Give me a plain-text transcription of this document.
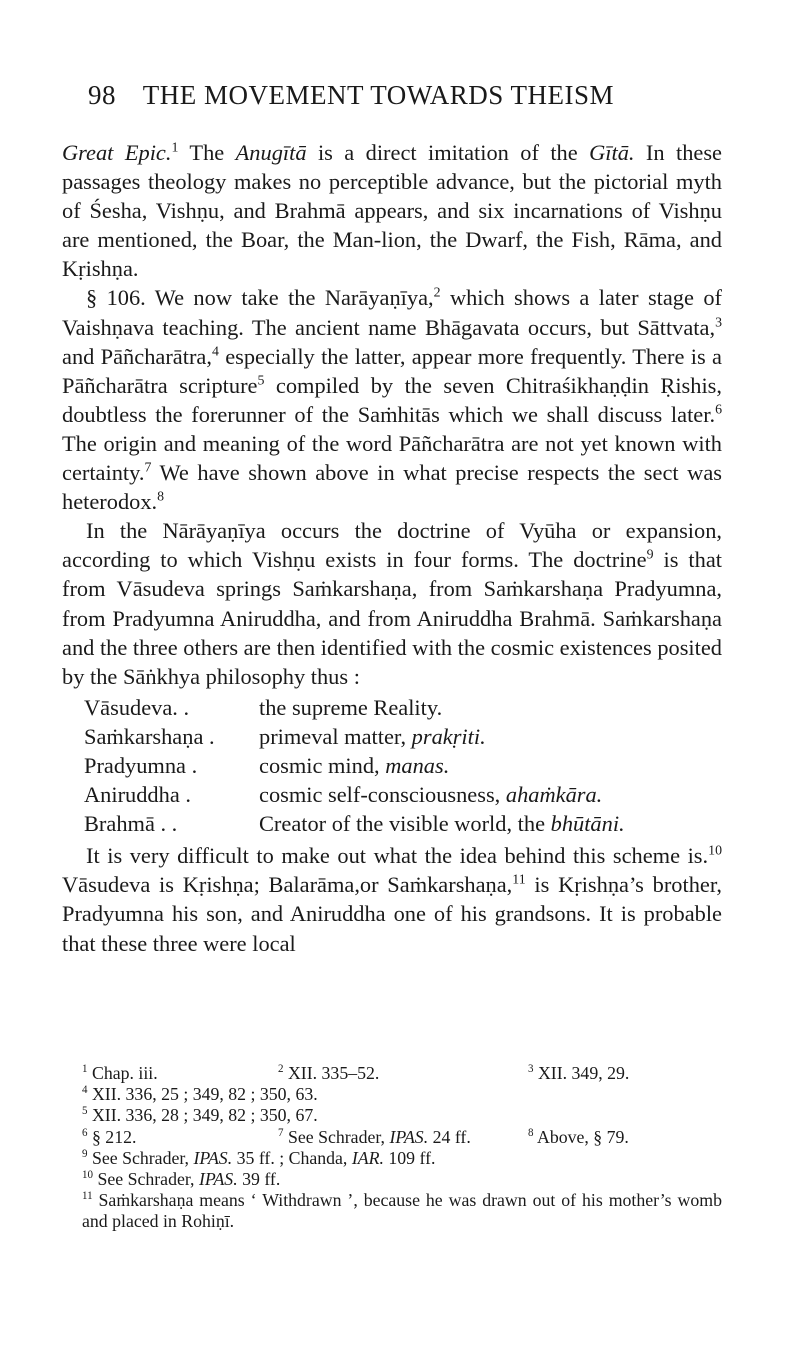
98 THE MOVEMENT TOWARDS THEISM

Great Epic.$^1$ The Anugītā is a direct imitation of the Gītā. In these passages theology makes no perceptible advance, but the pictorial myth of Śesha, Vishṇu, and Brahmā appears, and six incarnations of Vishṇu are mentioned, the Boar, the Man-lion, the Dwarf, the Fish, Rāma, and Kṛishṇa.

§ 106. We now take the Narāyaṇīya,$^2$ which shows a later stage of Vaishṇava teaching. The ancient name Bhāgavata occurs, but Sāttvata,$^3$ and Pāñcharātra,$^4$ especially the latter, appear more frequently. There is a Pāñcharātra scripture$^5$ compiled by the seven Chitraśikhaṇḍin Ṛishis, doubtless the forerunner of the Saṁhitās which we shall discuss later.$^6$ The origin and meaning of the word Pāñcharātra are not yet known with certainty.$^7$ We have shown above in what precise respects the sect was heterodox.$^8$

In the Nārāyaṇīya occurs the doctrine of Vyūha or expansion, according to which Vishṇu exists in four forms. The doctrine$^9$ is that from Vāsudeva springs Saṁkarshaṇa, from Saṁkarshaṇa Pradyumna, from Pradyumna Aniruddha, and from Aniruddha Brahmā. Saṁkarshaṇa and the three others are then identified with the cosmic existences posited by the Sāṅkhya philosophy thus :

Vāsudeva. .	the supreme Reality.
Saṁkarshaṇa .	primeval matter, prakṛiti.
Pradyumna .	cosmic mind, manas.
Aniruddha .	cosmic self-consciousness, ahaṁkāra.
Brahmā . .	Creator of the visible world, the bhūtāni.

It is very difficult to make out what the idea behind this scheme is.$^{10}$ Vāsudeva is Kṛishṇa; Balarāma,or Saṁkarshaṇa,$^{11}$ is Kṛishṇa’s brother, Pradyumna his son, and Aniruddha one of his grandsons. It is probable that these three were local

$^1$ Chap. iii.	$^2$ XII. 335–52.	$^3$ XII. 349, 29.
$^4$ XII. 336, 25 ; 349, 82 ; 350, 63.
$^5$ XII. 336, 28 ; 349, 82 ; 350, 67.
$^6$ § 212.	$^7$ See Schrader, IPAS. 24 ff.	$^8$ Above, § 79.
$^9$ See Schrader, IPAS. 35 ff. ; Chanda, IAR. 109 ff.
$^{10}$ See Schrader, IPAS. 39 ff.
$^{11}$ Saṁkarshaṇa means ‘ Withdrawn ’, because he was drawn out of his mother’s womb and placed in Rohiṇī.
